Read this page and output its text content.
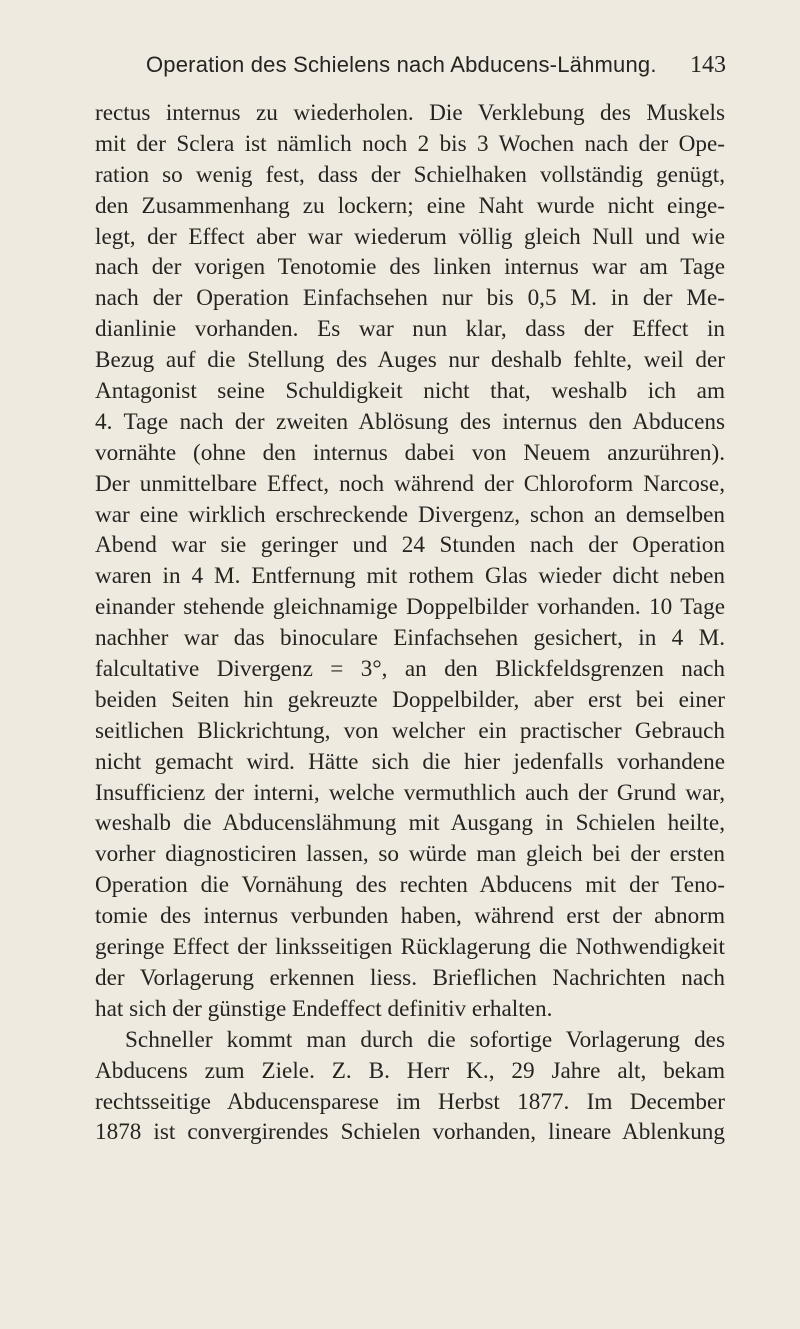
Operation des Schielens nach Abducens-Lähmung. 143
rectus internus zu wiederholen. Die Verklebung des Muskels
mit der Sclera ist nämlich noch 2 bis 3 Wochen nach der Ope-
ration so wenig fest, dass der Schielhaken vollständig genügt,
den Zusammenhang zu lockern; eine Naht wurde nicht einge-
legt, der Effect aber war wiederum völlig gleich Null und wie
nach der vorigen Tenotomie des linken internus war am Tage
nach der Operation Einfachsehen nur bis 0,5 M. in der Me-
dianlinie vorhanden. Es war nun klar, dass der Effect in
Bezug auf die Stellung des Auges nur deshalb fehlte, weil der
Antagonist seine Schuldigkeit nicht that, weshalb ich am
4. Tage nach der zweiten Ablösung des internus den Abducens
vornähte (ohne den internus dabei von Neuem anzurühren).
Der unmittelbare Effect, noch während der Chloroform Narcose,
war eine wirklich erschreckende Divergenz, schon an demselben
Abend war sie geringer und 24 Stunden nach der Operation
waren in 4 M. Entfernung mit rothem Glas wieder dicht neben
einander stehende gleichnamige Doppelbilder vorhanden. 10 Tage
nachher war das binoculare Einfachsehen gesichert, in 4 M.
falcultative Divergenz = 3°, an den Blickfeldsgrenzen nach
beiden Seiten hin gekreuzte Doppelbilder, aber erst bei einer
seitlichen Blickrichtung, von welcher ein practischer Gebrauch
nicht gemacht wird. Hätte sich die hier jedenfalls vorhandene
Insufficienz der interni, welche vermuthlich auch der Grund war,
weshalb die Abducenslähmung mit Ausgang in Schielen heilte,
vorher diagnosticiren lassen, so würde man gleich bei der ersten
Operation die Vornähung des rechten Abducens mit der Teno-
tomie des internus verbunden haben, während erst der abnorm
geringe Effect der linksseitigen Rücklagerung die Nothwendigkeit
der Vorlagerung erkennen liess. Brieflichen Nachrichten nach
hat sich der günstige Endeffect definitiv erhalten.
Schneller kommt man durch die sofortige Vorlagerung des
Abducens zum Ziele. Z. B. Herr K., 29 Jahre alt, bekam
rechtsseitige Abducensparese im Herbst 1877. Im December
1878 ist convergirendes Schielen vorhanden, lineare Ablenkung
